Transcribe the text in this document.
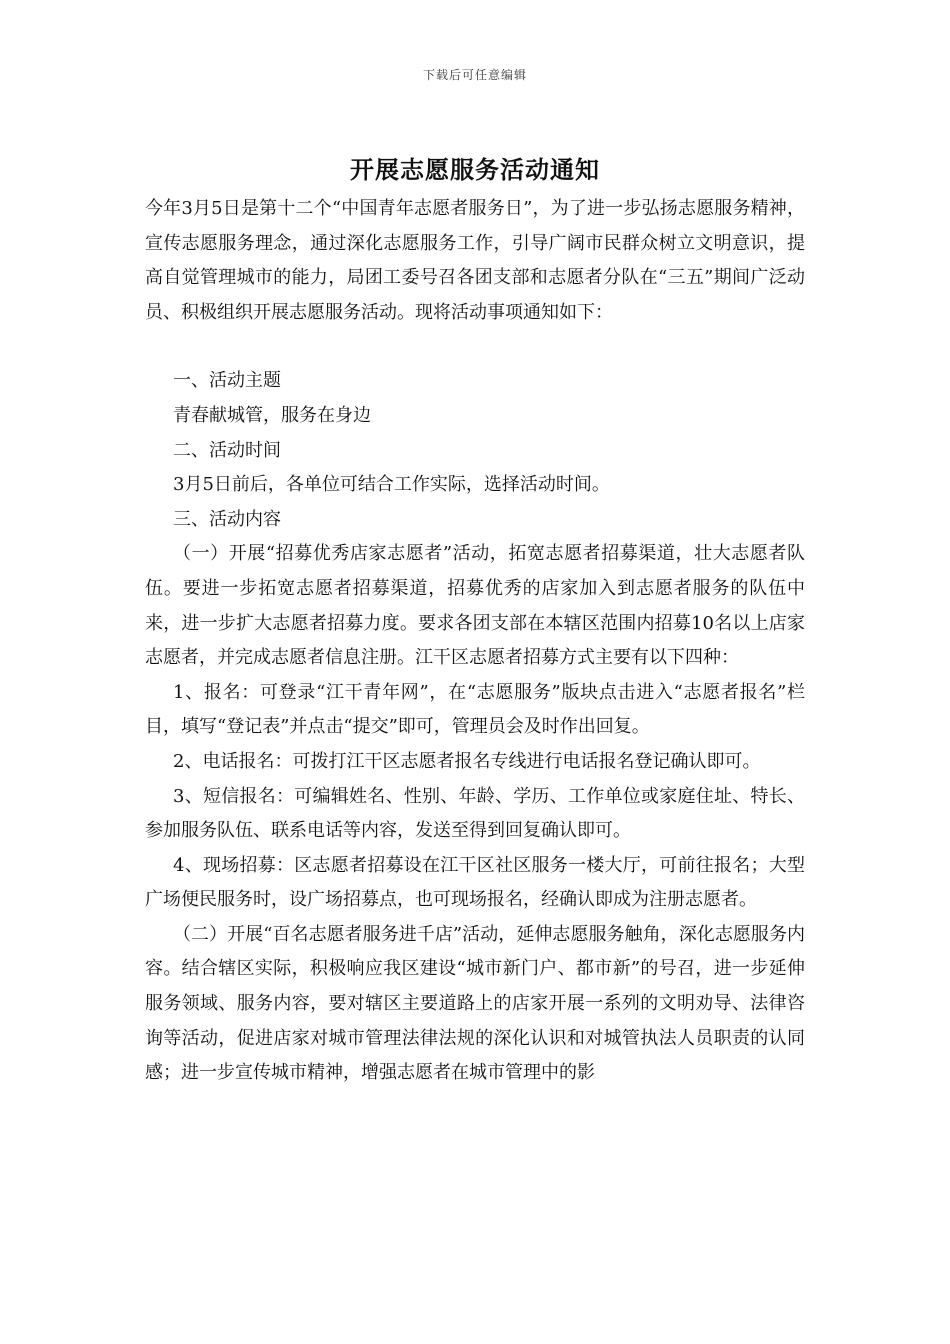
下载后可任意编辑
开展志愿服务活动通知

今年3月5日是第十二个“中国青年志愿者服务日”，为了进一步弘扬志愿服务精神，宣传志愿服务理念，通过深化志愿服务工作，引导广阔市民群众树立文明意识，提高自觉管理城市的能力，局团工委号召各团支部和志愿者分队在“三五”期间广泛动员、积极组织开展志愿服务活动。现将活动事项通知如下：

一、活动主题

青春献城管，服务在身边

二、活动时间

3月5日前后，各单位可结合工作实际，选择活动时间。

三、活动内容

（一）开展“招募优秀店家志愿者”活动，拓宽志愿者招募渠道，壮大志愿者队伍。要进一步拓宽志愿者招募渠道，招募优秀的店家加入到志愿者服务的队伍中来，进一步扩大志愿者招募力度。要求各团支部在本辖区范围内招募10名以上店家志愿者，并完成志愿者信息注册。江干区志愿者招募方式主要有以下四种：

1、报名：可登录“江干青年网”，在“志愿服务”版块点击进入“志愿者报名”栏目，填写“登记表”并点击“提交”即可，管理员会及时作出回复。

2、电话报名：可拨打江干区志愿者报名专线进行电话报名登记确认即可。

3、短信报名：可编辑姓名、性别、年龄、学历、工作单位或家庭住址、特长、参加服务队伍、联系电话等内容，发送至得到回复确认即可。

4、现场招募：区志愿者招募设在江干区社区服务一楼大厅，可前往报名；大型广场便民服务时，设广场招募点，也可现场报名，经确认即成为注册志愿者。

（二）开展“百名志愿者服务进千店”活动，延伸志愿服务触角，深化志愿服务内容。结合辖区实际，积极响应我区建设“城市新门户、都市新”的号召，进一步延伸服务领域、服务内容，要对辖区主要道路上的店家开展一系列的文明劝导、法律咨询等活动，促进店家对城市管理法律法规的深化认识和对城管执法人员职责的认同感；进一步宣传城市精神，增强志愿者在城市管理中的影
